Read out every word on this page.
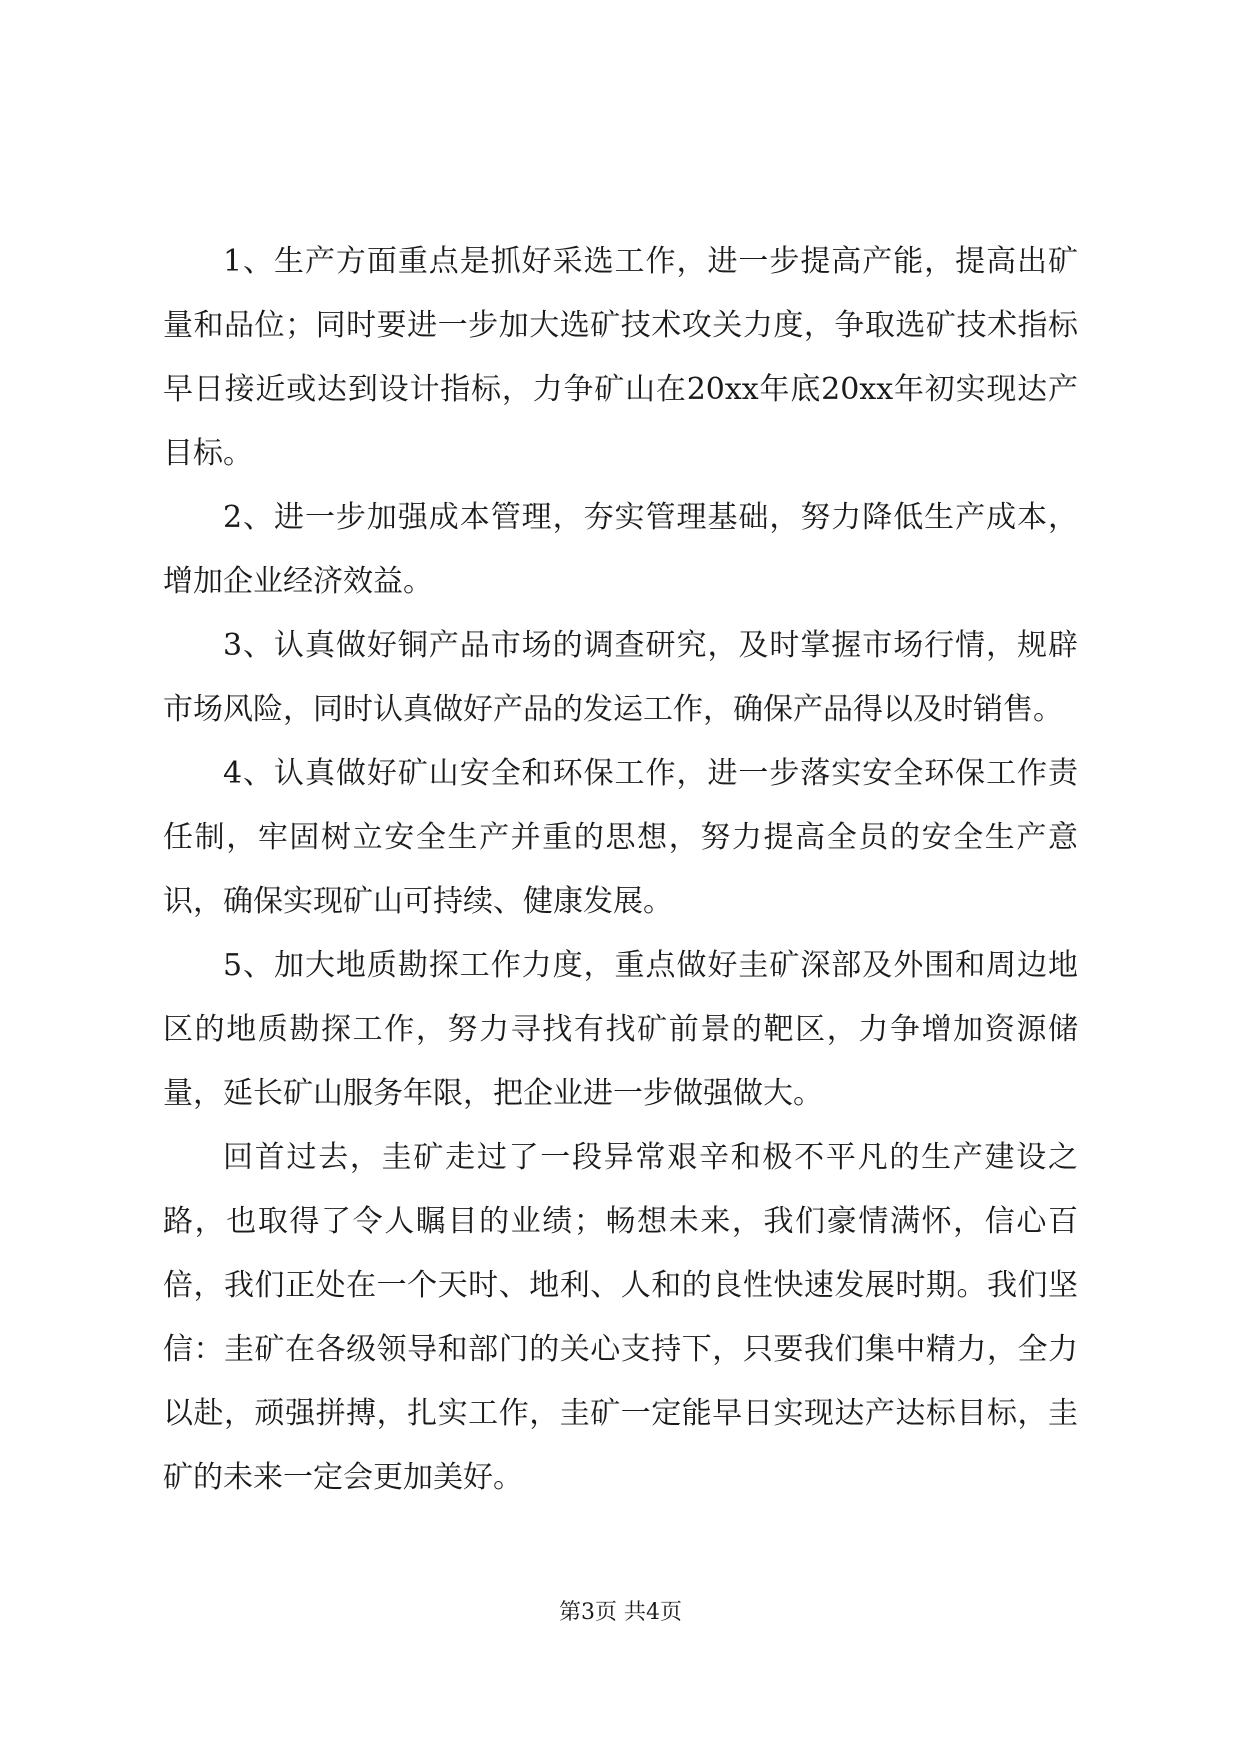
1、生产方面重点是抓好采选工作，进一步提高产能，提高出矿量和品位；同时要进一步加大选矿技术攻关力度，争取选矿技术指标早日接近或达到设计指标，力争矿山在20xx年底20xx年初实现达产目标。

2、进一步加强成本管理，夯实管理基础，努力降低生产成本，增加企业经济效益。

3、认真做好铜产品市场的调查研究，及时掌握市场行情，规辟市场风险，同时认真做好产品的发运工作，确保产品得以及时销售。

4、认真做好矿山安全和环保工作，进一步落实安全环保工作责任制，牢固树立安全生产并重的思想，努力提高全员的安全生产意识，确保实现矿山可持续、健康发展。

5、加大地质勘探工作力度，重点做好圭矿深部及外围和周边地区的地质勘探工作，努力寻找有找矿前景的靶区，力争增加资源储量，延长矿山服务年限，把企业进一步做强做大。

回首过去，圭矿走过了一段异常艰辛和极不平凡的生产建设之路，也取得了令人瞩目的业绩；畅想未来，我们豪情满怀，信心百倍，我们正处在一个天时、地利、人和的良性快速发展时期。我们坚信：圭矿在各级领导和部门的关心支持下，只要我们集中精力，全力以赴，顽强拼搏，扎实工作，圭矿一定能早日实现达产达标目标，圭矿的未来一定会更加美好。

第3页 共4页
